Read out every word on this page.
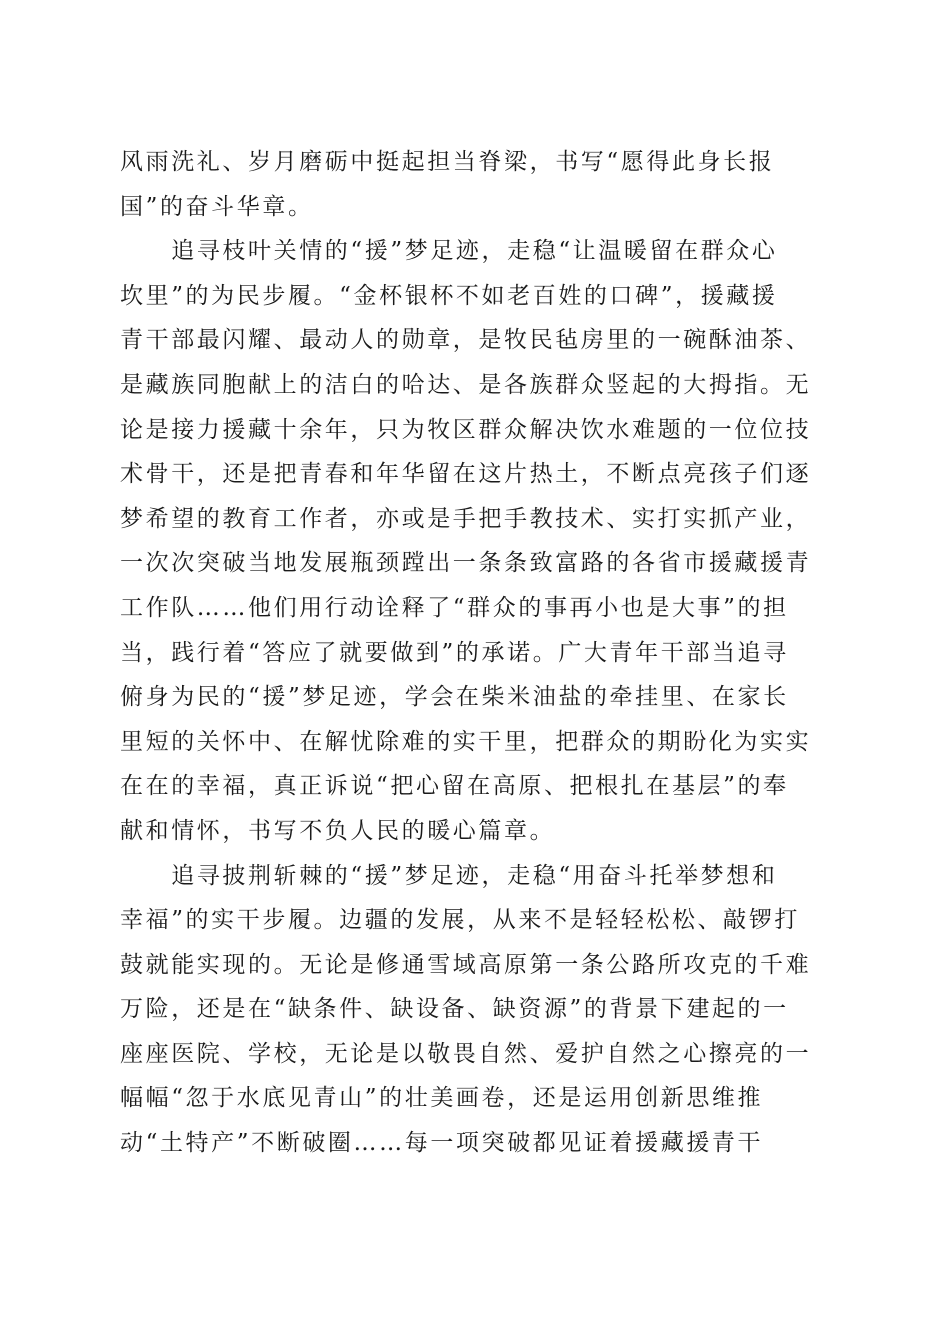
风雨洗礼、岁月磨砺中挺起担当脊梁，书写“愿得此身长报
国”的奋斗华章。
　　追寻枝叶关情的“援”梦足迹，走稳“让温暖留在群众心
坎里”的为民步履。“金杯银杯不如老百姓的口碑”，援藏援
青干部最闪耀、最动人的勋章，是牧民毡房里的一碗酥油茶、
是藏族同胞献上的洁白的哈达、是各族群众竖起的大拇指。无
论是接力援藏十余年，只为牧区群众解决饮水难题的一位位技
术骨干，还是把青春和年华留在这片热土，不断点亮孩子们逐
梦希望的教育工作者，亦或是手把手教技术、实打实抓产业，
一次次突破当地发展瓶颈蹚出一条条致富路的各省市援藏援青
工作队……他们用行动诠释了“群众的事再小也是大事”的担
当，践行着“答应了就要做到”的承诺。广大青年干部当追寻
俯身为民的“援”梦足迹，学会在柴米油盐的牵挂里、在家长
里短的关怀中、在解忧除难的实干里，把群众的期盼化为实实
在在的幸福，真正诉说“把心留在高原、把根扎在基层”的奉
献和情怀，书写不负人民的暖心篇章。
　　追寻披荆斩棘的“援”梦足迹，走稳“用奋斗托举梦想和
幸福”的实干步履。边疆的发展，从来不是轻轻松松、敲锣打
鼓就能实现的。无论是修通雪域高原第一条公路所攻克的千难
万险，还是在“缺条件、缺设备、缺资源”的背景下建起的一
座座医院、学校，无论是以敬畏自然、爱护自然之心擦亮的一
幅幅“忽于水底见青山”的壮美画卷，还是运用创新思维推
动“土特产”不断破圈……每一项突破都见证着援藏援青干
